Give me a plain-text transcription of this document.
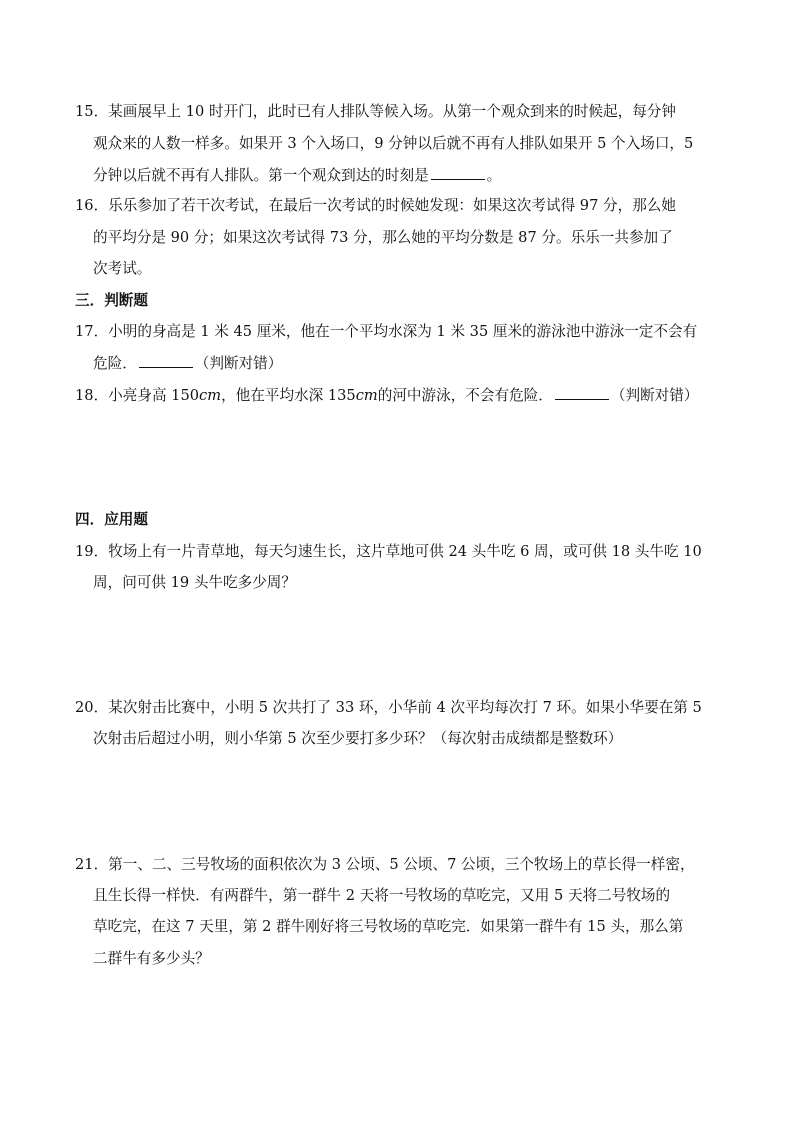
15．某画展早上 10 时开门，此时已有人排队等候入场。从第一个观众到来的时候起，每分钟
观众来的人数一样多。如果开 3 个入场口，9 分钟以后就不再有人排队如果开 5 个入场口，5
分钟以后就不再有人排队。第一个观众到达的时刻是	。
16．乐乐参加了若干次考试，在最后一次考试的时候她发现：如果这次考试得 97 分，那么她
的平均分是 90 分；如果这次考试得 73 分，那么她的平均分数是 87 分。乐乐一共参加了
次考试。
三．判断题
17．小明的身高是 1 米 45 厘米，他在一个平均水深为 1 米 35 厘米的游泳池中游泳一定不会有
危险．	（判断对错）
18．小亮身高 150cm，他在平均水深 135cm的河中游泳，不会有危险．	（判断对错）
四．应用题
19．牧场上有一片青草地，每天匀速生长，这片草地可供 24 头牛吃 6 周，或可供 18 头牛吃 10
周，问可供 19 头牛吃多少周？
20．某次射击比赛中，小明 5 次共打了 33 环，小华前 4 次平均每次打 7 环。如果小华要在第 5
次射击后超过小明，则小华第 5 次至少要打多少环？（每次射击成绩都是整数环）
21．第一、二、三号牧场的面积依次为 3 公顷、5 公顷、7 公顷，三个牧场上的草长得一样密，
且生长得一样快．有两群牛，第一群牛 2 天将一号牧场的草吃完，又用 5 天将二号牧场的
草吃完，在这 7 天里，第 2 群牛刚好将三号牧场的草吃完．如果第一群牛有 15 头，那么第
二群牛有多少头？
